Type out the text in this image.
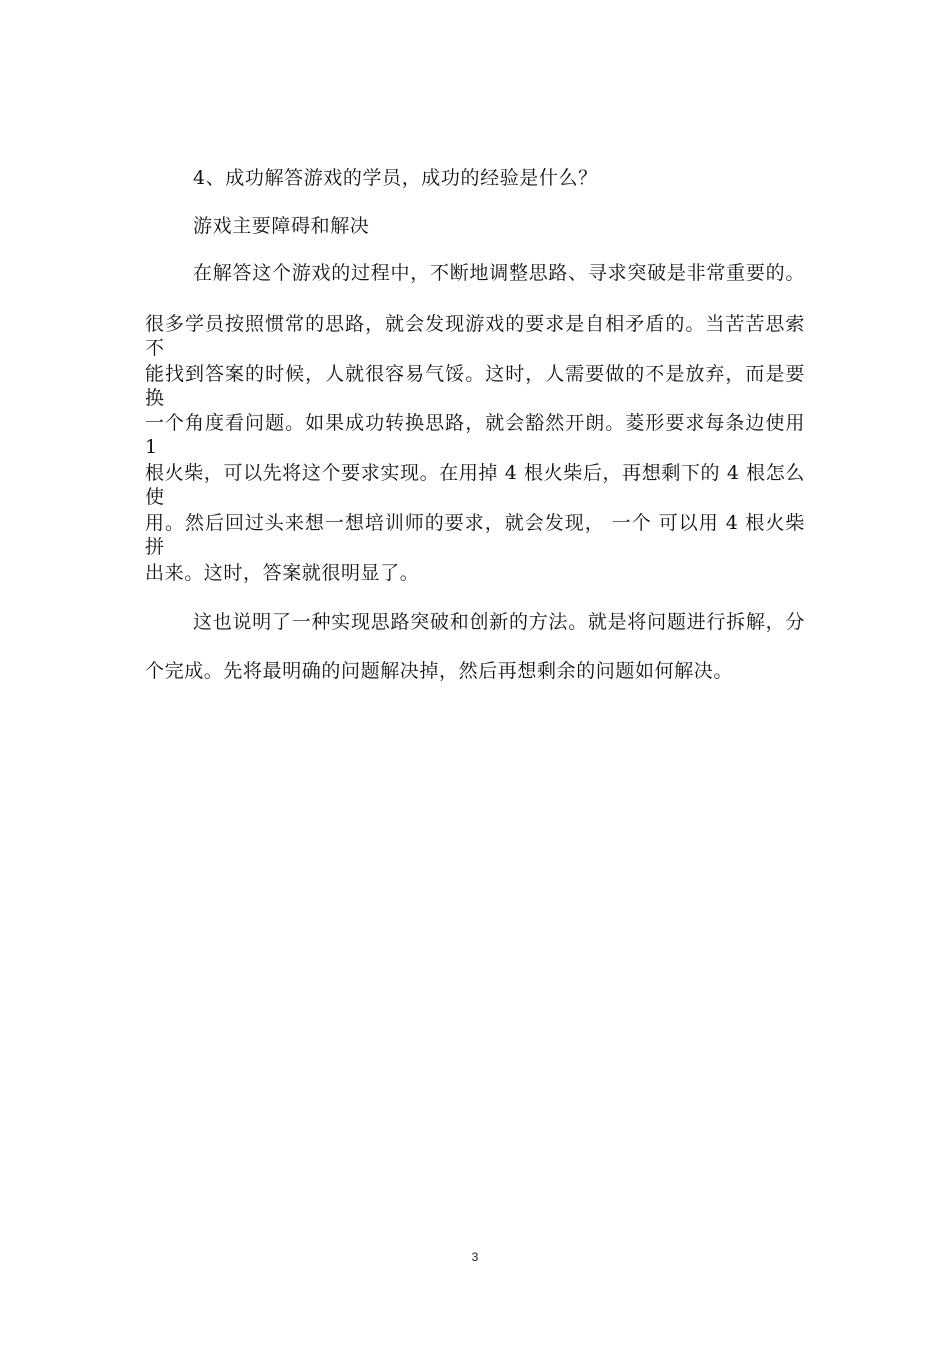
4、成功解答游戏的学员，成功的经验是什么？
游戏主要障碍和解决
在解答这个游戏的过程中，不断地调整思路、寻求突破是非常重要的。
很多学员按照惯常的思路，就会发现游戏的要求是自相矛盾的。当苦苦思索不
能找到答案的时候，人就很容易气馁。这时，人需要做的不是放弃，而是要换
一个角度看问题。如果成功转换思路，就会豁然开朗。菱形要求每条边使用 1
根火柴，可以先将这个要求实现。在用掉 4 根火柴后，再想剩下的 4 根怎么使
用。然后回过头来想一想培训师的要求，就会发现， 一个 可以用 4 根火柴拼
出来。这时，答案就很明显了。
这也说明了一种实现思路突破和创新的方法。就是将问题进行拆解，分
个完成。先将最明确的问题解决掉，然后再想剩余的问题如何解决。
3
